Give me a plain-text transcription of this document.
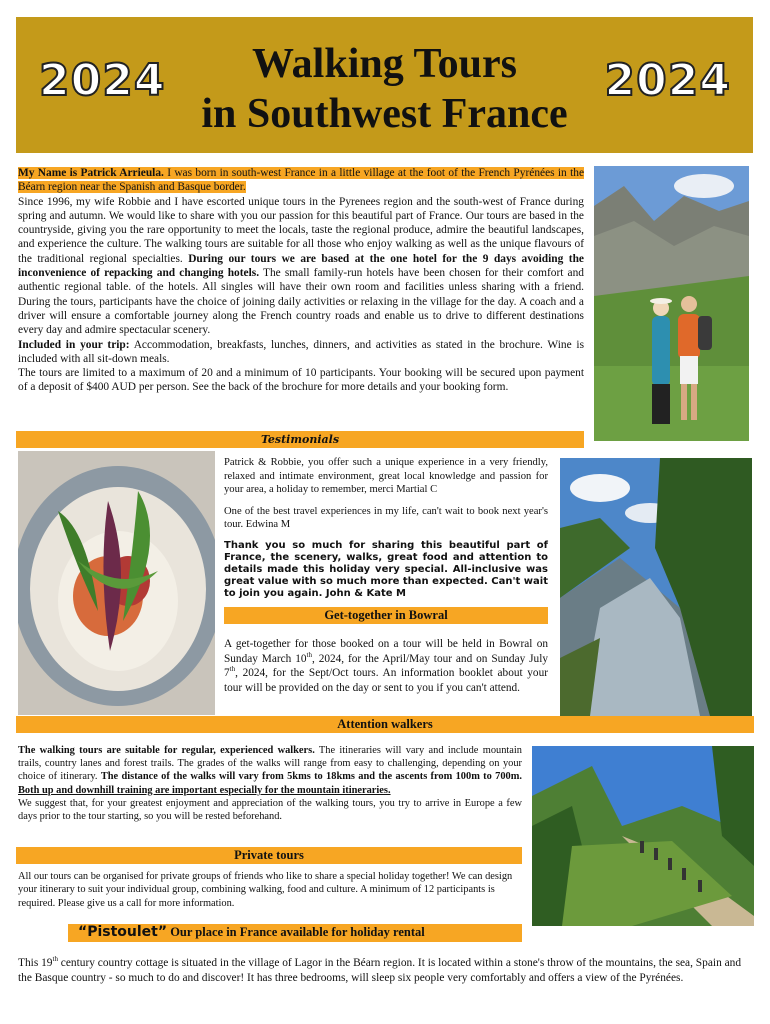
2024	Walking Tours
in Southwest France
2024

My Name is Patrick Arrieula. I was born in south-west France in a little village at the foot of the French Pyrénées in the Béarn region near the Spanish and Basque border.

Since 1996, my wife Robbie and I have escorted unique tours in the Pyrenees region and the south-west of France during spring and autumn. We would like to share with you our passion for this beautiful part of France. Our tours are based in the countryside, giving you the rare opportunity to meet the locals, taste the regional produce, admire the beautiful landscapes, and experience the culture. The walking tours are suitable for all those who enjoy walking as well as the unique flavours of the traditional regional specialties. During our tours we are based at the one hotel for the 9 days avoiding the inconvenience of repacking and changing hotels. The small family-run hotels have been chosen for their comfort and authentic regional table. of the hotels. All singles will have their own room and facilities unless sharing with a friend. During the tours, participants have the choice of joining daily activities or relaxing in the village for the day. A coach and a driver will ensure a comfortable journey along the French country roads and enable us to drive to different destinations every day and admire spectacular scenery.

Included in your trip: Accommodation, breakfasts, lunches, dinners, and activities as stated in the brochure. Wine is included with all sit-down meals.

The tours are limited to a maximum of 20 and a minimum of 10 participants. Your booking will be secured upon payment of a deposit of $400 AUD per person. See the back of the brochure for more details and your booking form.

Testimonials

Patrick & Robbie, you offer such a unique experience in a very friendly, relaxed and intimate environment, great local knowledge and passion for your area, a holiday to remember, merci Martial C

One of the best travel experiences in my life, can't wait to book next year's tour. Edwina M

Thank you so much for sharing this beautiful part of France, the scenery, walks, great food and attention to details made this holiday very special. All-inclusive was great value with so much more than expected. Can't wait to join you again. John & Kate M

Get-together in Bowral

A get-together for those booked on a tour will be held in Bowral on Sunday March 10th, 2024, for the April/May tour and on Sunday July 7th, 2024, for the Sept/Oct tours. An information booklet about your tour will be provided on the day or sent to you if you can't attend.

Attention walkers

The walking tours are suitable for regular, experienced walkers. The itineraries will vary and include mountain trails, country lanes and forest trails. The grades of the walks will range from easy to challenging, depending on your choice of itinerary. The distance of the walks will vary from 5kms to 18kms and the ascents from 100m to 700m. Both up and downhill training are important especially for the mountain itineraries.

We suggest that, for your greatest enjoyment and appreciation of the walking tours, you try to arrive in Europe a few days prior to the tour starting, so you will be rested beforehand.

Private tours

All our tours can be organised for private groups of friends who like to share a special holiday together! We can design your itinerary to suit your individual group, combining walking, food and culture. A minimum of 12 participants is required. Please give us a call for more information.

“Pistoulet” Our place in France available for holiday rental

This 19th century country cottage is situated in the village of Lagor in the Béarn region. It is located within a stone's throw of the mountains, the sea, Spain and the Basque country - so much to do and discover! It has three bedrooms, will sleep six people very comfortably and offers a view of the Pyrénées.
